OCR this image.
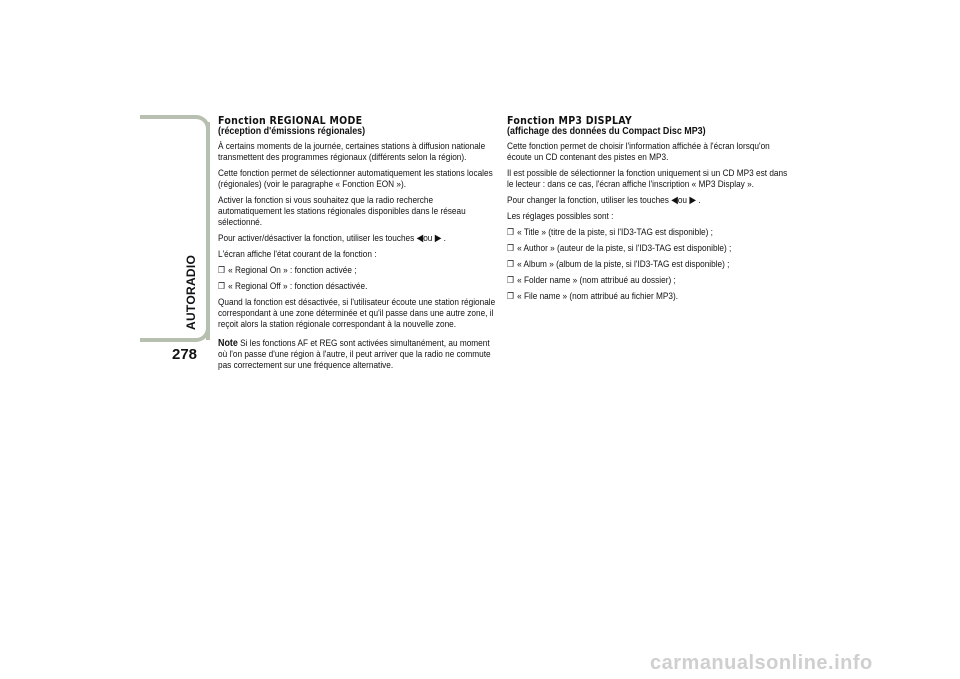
AUTORADIO
278
Fonction REGIONAL MODE
(réception d'émissions régionales)

À certains moments de la journée, certaines stations à diffusion nationale transmettent des programmes régionaux (différents selon la région).

Cette fonction permet de sélectionner automatiquement les stations locales (régionales) (voir le paragraphe « Fonction EON »).

Activer la fonction si vous souhaitez que la radio recherche automatiquement les stations régionales disponibles dans le réseau sélectionné.

Pour activer/désactiver la fonction, utiliser les touches ◀ou ▶ .

L'écran affiche l'état courant de la fonction :

❒ « Regional On » : fonction activée ;
❒ « Regional Off » : fonction désactivée.

Quand la fonction est désactivée, si l'utilisateur écoute une station régionale correspondant à une zone déterminée et qu'il passe dans une autre zone, il reçoit alors la station régionale correspondant à la nouvelle zone.

Note Si les fonctions AF et REG sont activées simultanément, au moment où l'on passe d'une région à l'autre, il peut arriver que la radio ne commute pas correctement sur une fréquence alternative.

Fonction MP3 DISPLAY
(affichage des données du Compact Disc MP3)

Cette fonction permet de choisir l'information affichée à l'écran lorsqu'on écoute un CD contenant des pistes en MP3.

Il est possible de sélectionner la fonction uniquement si un CD MP3 est dans le lecteur : dans ce cas, l'écran affiche l'inscription « MP3 Display ».

Pour changer la fonction, utiliser les touches ◀ou ▶ .

Les réglages possibles sont :

❒ « Title » (titre de la piste, si l'ID3-TAG est disponible) ;
❒ « Author » (auteur de la piste, si l'ID3-TAG est disponible) ;
❒ « Album » (album de la piste, si l'ID3-TAG est disponible) ;
❒ « Folder name » (nom attribué au dossier) ;
❒ « File name » (nom attribué au fichier MP3).
carmanualsonline.info
